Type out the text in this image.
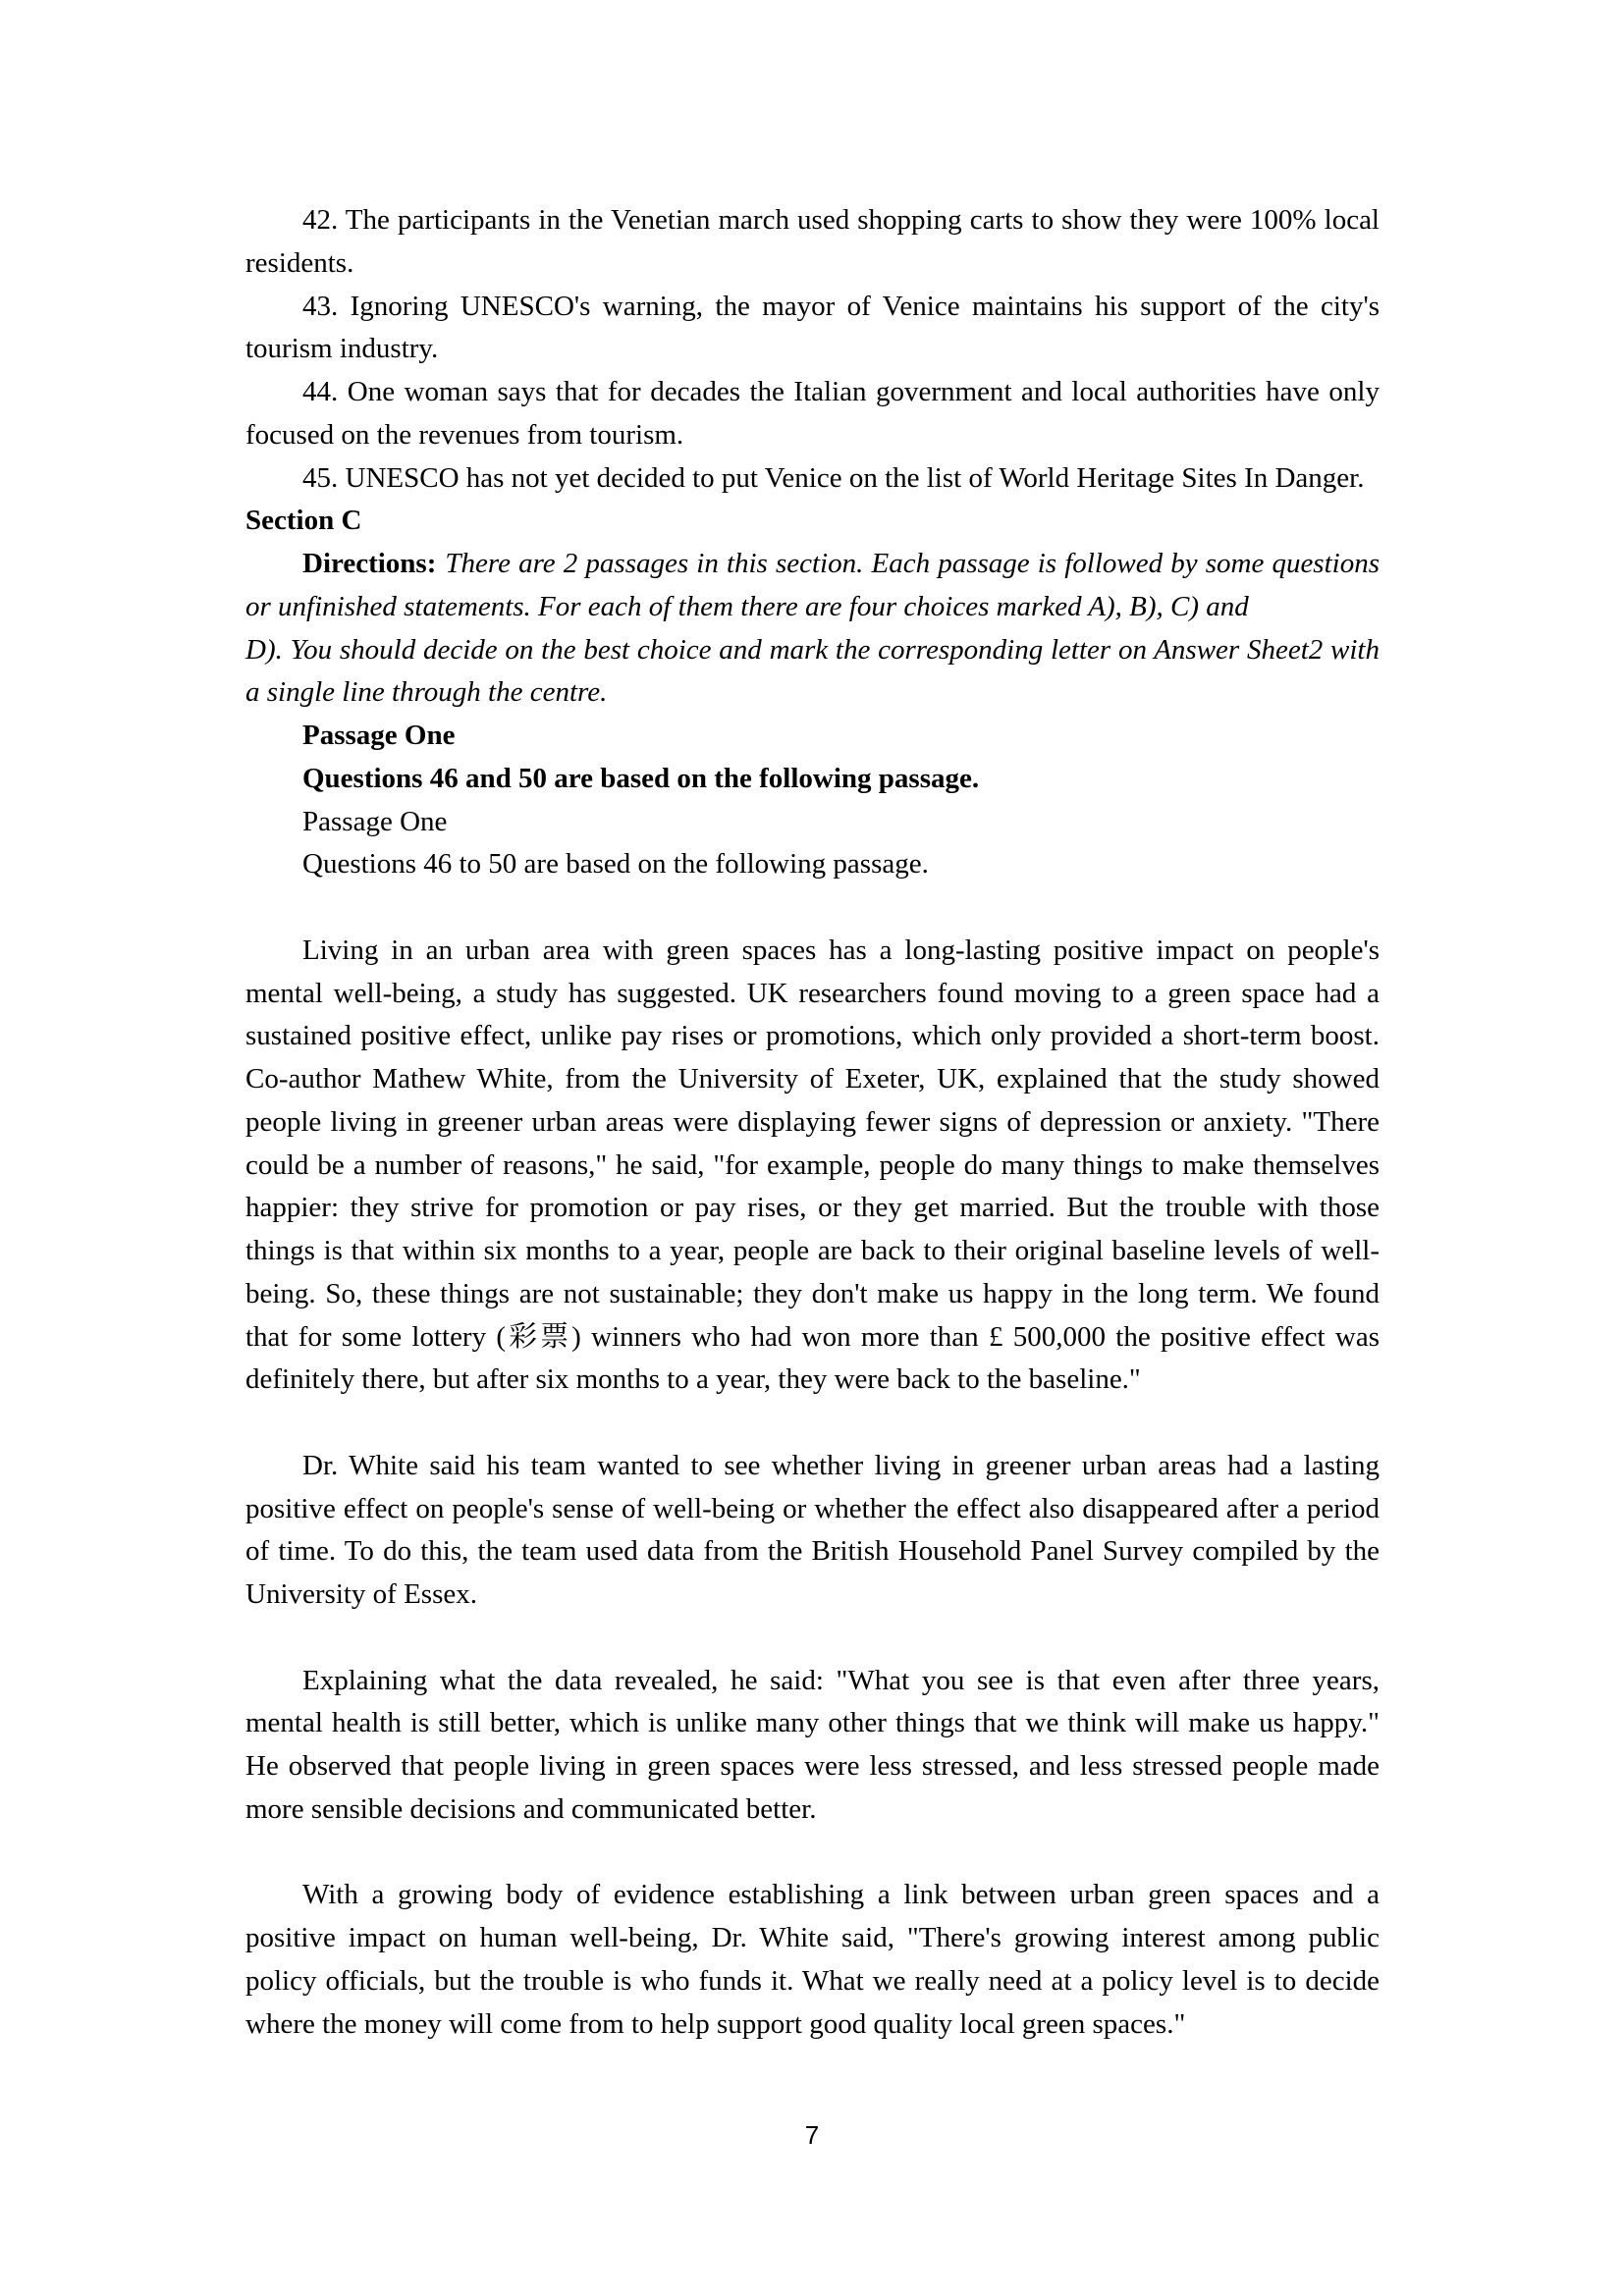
42. The participants in the Venetian march used shopping carts to show they were 100% local residents.

43. Ignoring UNESCO's warning, the mayor of Venice maintains his support of the city's tourism industry.

44. One woman says that for decades the Italian government and local authorities have only focused on the revenues from tourism.

45. UNESCO has not yet decided to put Venice on the list of World Heritage Sites In Danger.

Section C

Directions: There are 2 passages in this section. Each passage is followed by some questions or unfinished statements. For each of them there are four choices marked A), B), C) and
D). You should decide on the best choice and mark the corresponding letter on Answer Sheet2 with a single line through the centre.

Passage One

Questions 46 and 50 are based on the following passage.

Passage One

Questions 46 to 50 are based on the following passage.

Living in an urban area with green spaces has a long-lasting positive impact on people's mental well-being, a study has suggested. UK researchers found moving to a green space had a sustained positive effect, unlike pay rises or promotions, which only provided a short-term boost. Co-author Mathew White, from the University of Exeter, UK, explained that the study showed people living in greener urban areas were displaying fewer signs of depression or anxiety. "There could be a number of reasons," he said, "for example, people do many things to make themselves happier: they strive for promotion or pay rises, or they get married. But the trouble with those things is that within six months to a year, people are back to their original baseline levels of well-being. So, these things are not sustainable; they don't make us happy in the long term. We found that for some lottery (彩票) winners who had won more than £ 500,000 the positive effect was definitely there, but after six months to a year, they were back to the baseline."

Dr. White said his team wanted to see whether living in greener urban areas had a lasting positive effect on people's sense of well-being or whether the effect also disappeared after a period of time. To do this, the team used data from the British Household Panel Survey compiled by the University of Essex.

Explaining what the data revealed, he said: "What you see is that even after three years, mental health is still better, which is unlike many other things that we think will make us happy." He observed that people living in green spaces were less stressed, and less stressed people made more sensible decisions and communicated better.

With a growing body of evidence establishing a link between urban green spaces and a positive impact on human well-being, Dr. White said, "There's growing interest among public policy officials, but the trouble is who funds it. What we really need at a policy level is to decide where the money will come from to help support good quality local green spaces."

7
